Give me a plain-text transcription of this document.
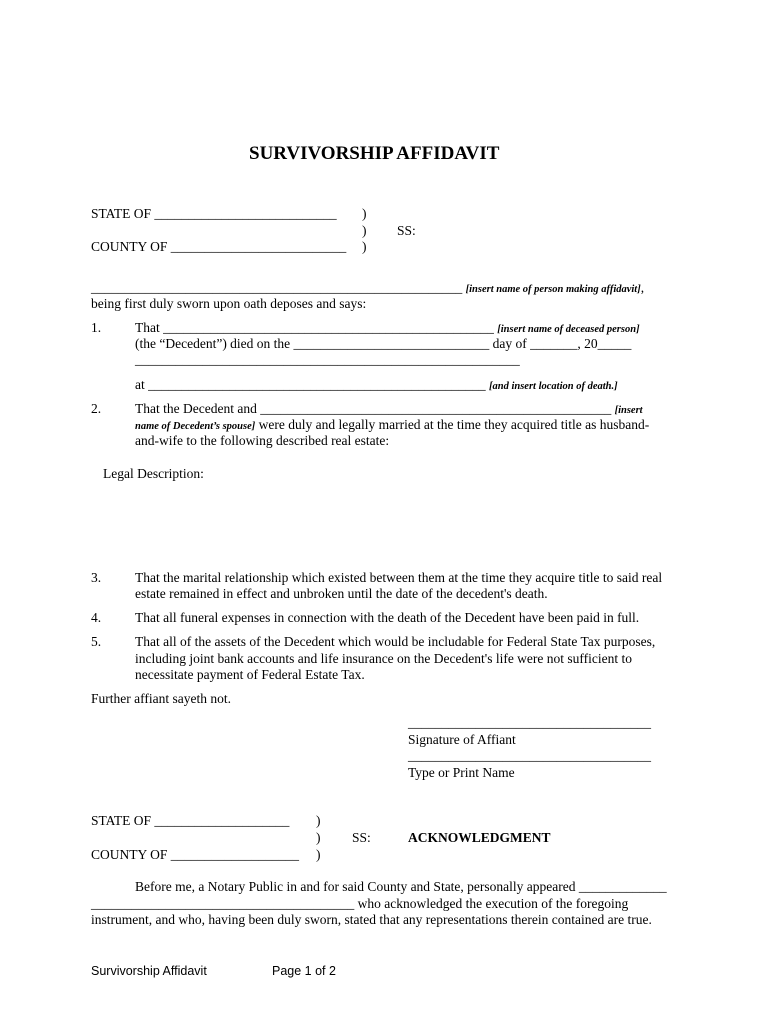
SURVIVORSHIP AFFIDAVIT
STATE OF ___________________________ )
) SS:
COUNTY OF __________________________ )
_______________________________________________________ [insert name of person making affidavit],
being first duly sworn upon oath deposes and says:
1.	That _________________________________________________ [insert name of deceased person]
(the “Decedent”) died on the _____________________________ day of _______, 20_____
_________________________________________________________
at __________________________________________________ [and insert location of death.]
2.	That the Decedent and ____________________________________________________ [insert
name of Decedent’s spouse] were duly and legally married at the time they acquired title as husband-
and-wife to the following described real estate:
Legal Description:
3.	That the marital relationship which existed between them at the time they acquire title to said real
estate remained in effect and unbroken until the date of the decedent's death.
4.	That all funeral expenses in connection with the death of the Decedent have been paid in full.
5.	That all of the assets of the Decedent which would be includable for Federal State Tax purposes,
including joint bank accounts and life insurance on the Decedent's life were not sufficient to
necessitate payment of Federal Estate Tax.
Further affiant sayeth not.
____________________________________
Signature of Affiant
____________________________________
Type or Print Name
STATE OF ____________________ )
) SS:	ACKNOWLEDGMENT
COUNTY OF ___________________ )
Before me, a Notary Public in and for said County and State, personally appeared _____________
_______________________________________ who acknowledged the execution of the foregoing
instrument, and who, having been duly sworn, stated that any representations therein contained are true.
Survivorship Affidavit	Page 1 of 2
